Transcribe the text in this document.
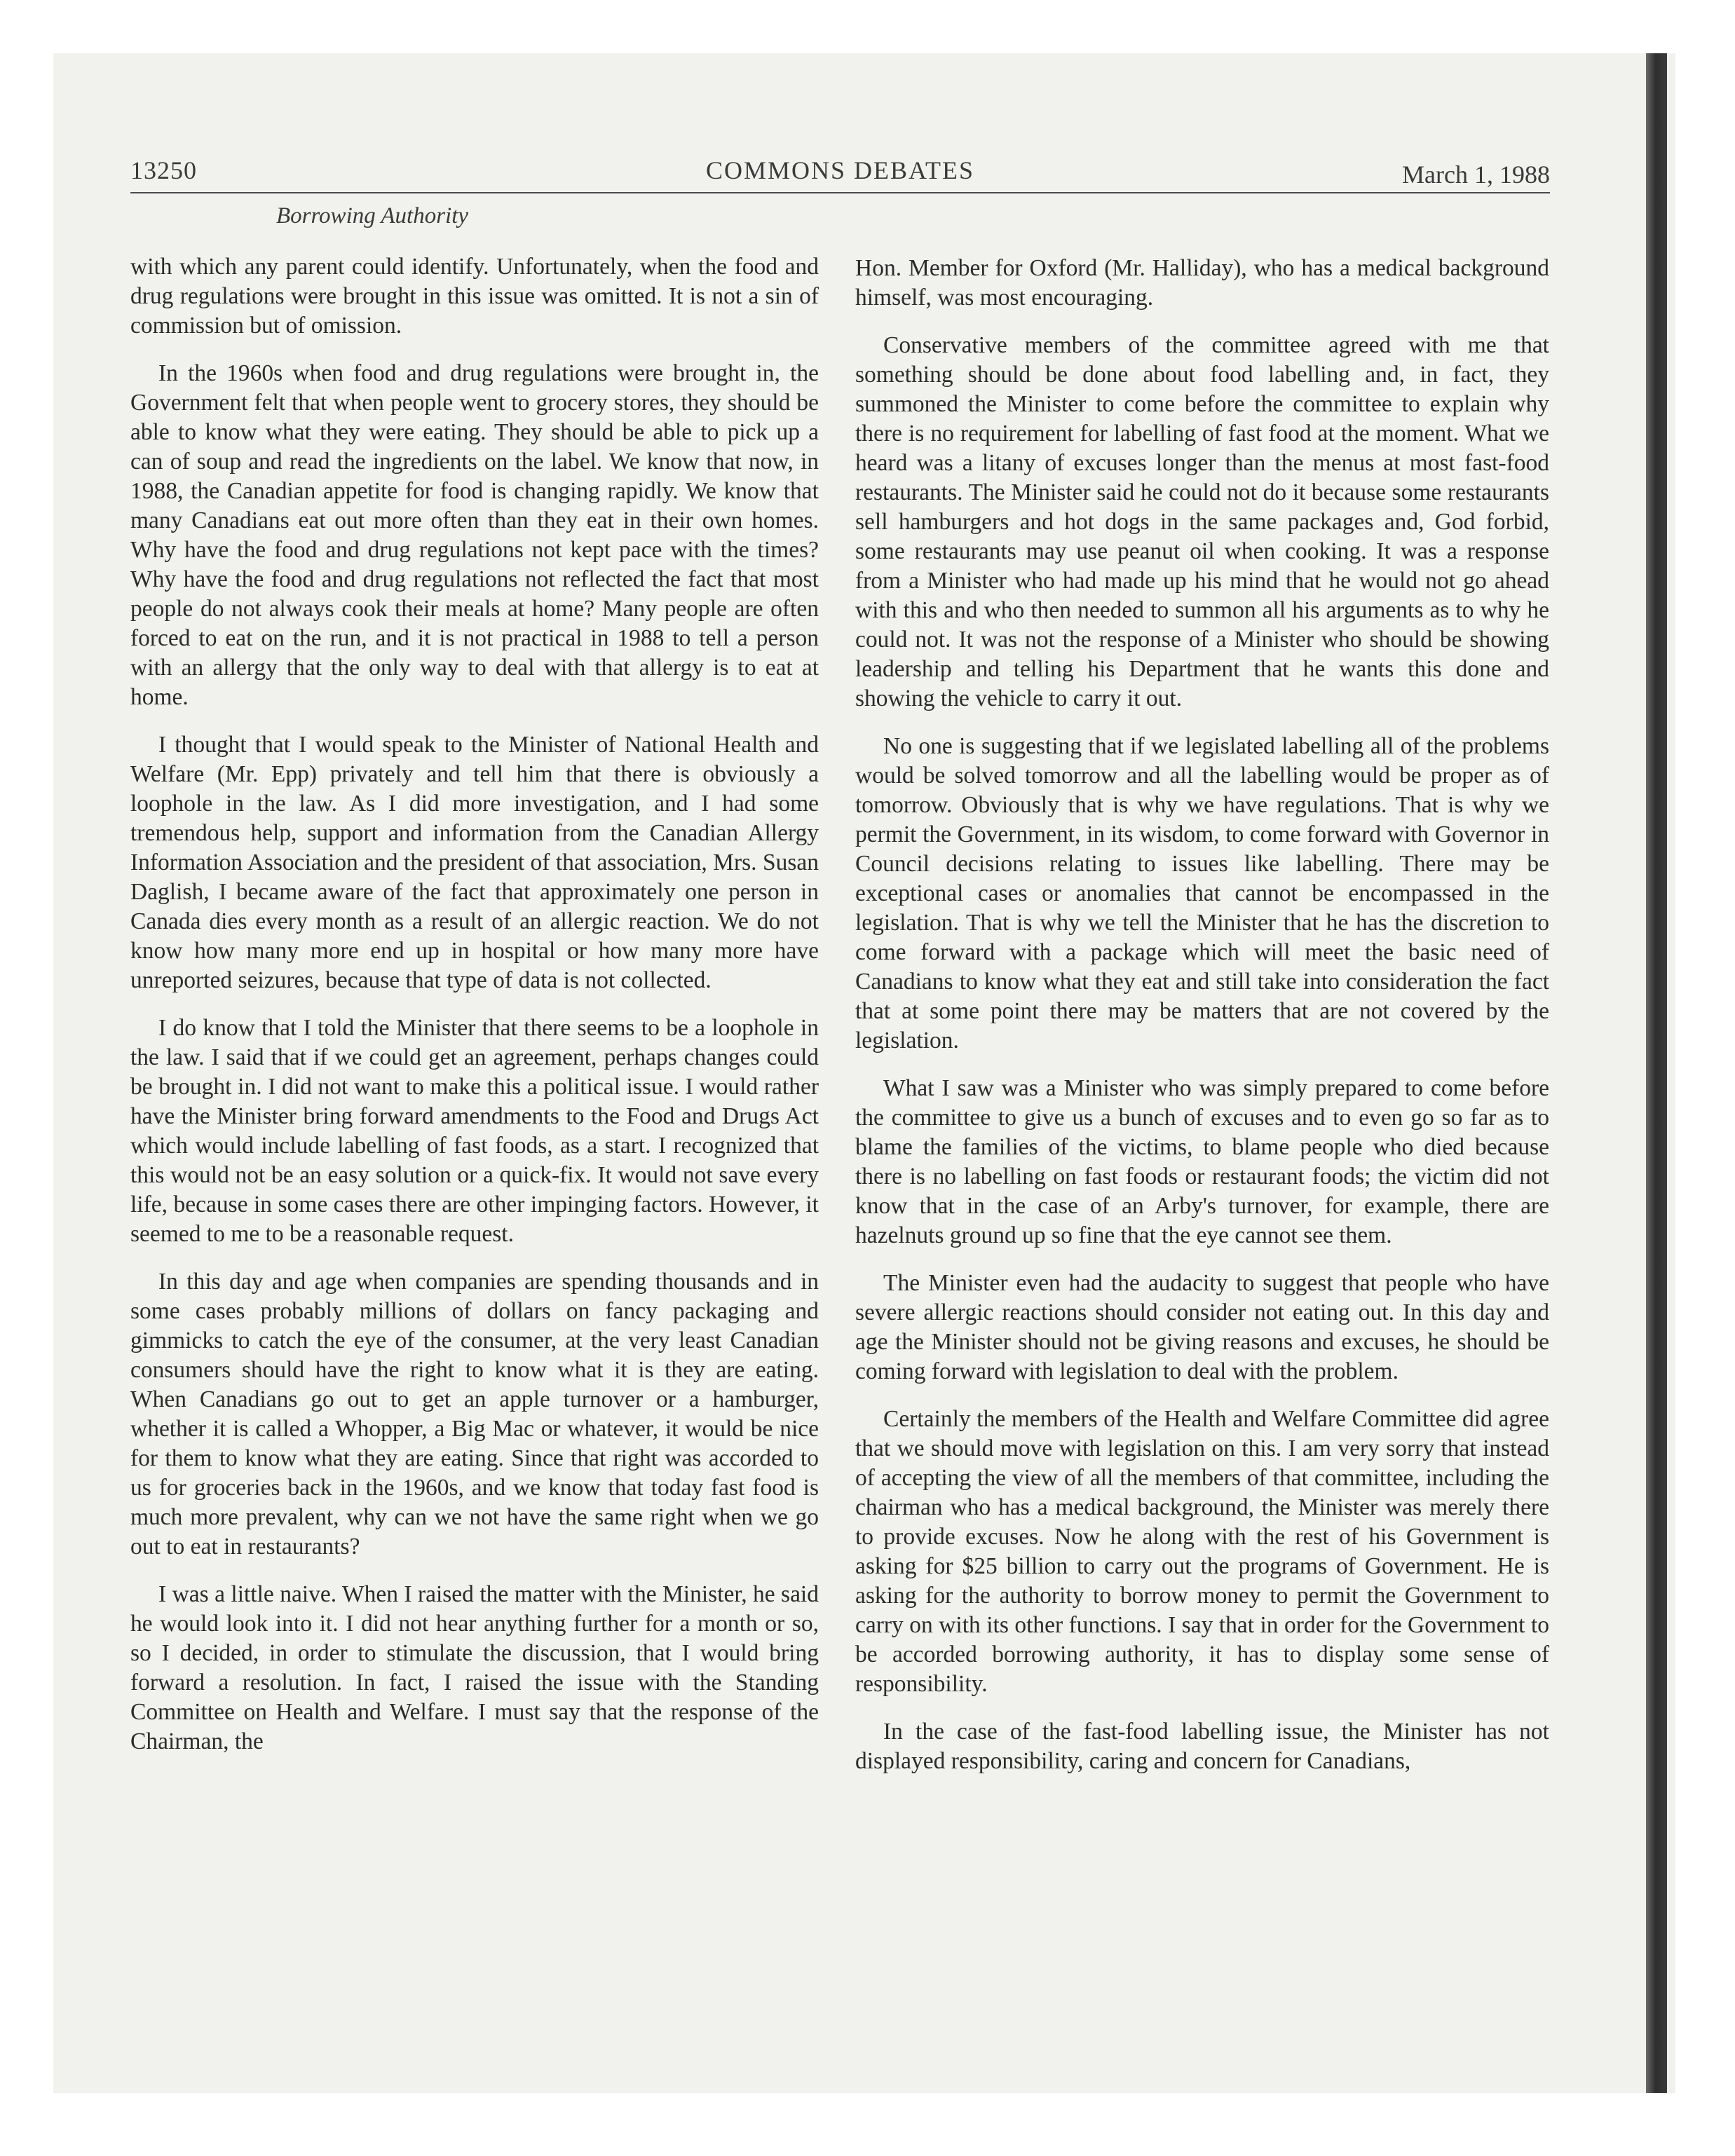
13250	COMMONS DEBATES	March 1, 1988
Borrowing Authority

with which any parent could identify. Unfortunately, when the food and drug regulations were brought in this issue was omitted. It is not a sin of commission but of omission.

In the 1960s when food and drug regulations were brought in, the Government felt that when people went to grocery stores, they should be able to know what they were eating. They should be able to pick up a can of soup and read the ingredients on the label. We know that now, in 1988, the Canadian appetite for food is changing rapidly. We know that many Canadians eat out more often than they eat in their own homes. Why have the food and drug regulations not kept pace with the times? Why have the food and drug regulations not reflected the fact that most people do not always cook their meals at home? Many people are often forced to eat on the run, and it is not practical in 1988 to tell a person with an allergy that the only way to deal with that allergy is to eat at home.

I thought that I would speak to the Minister of National Health and Welfare (Mr. Epp) privately and tell him that there is obviously a loophole in the law. As I did more investigation, and I had some tremendous help, support and information from the Canadian Allergy Information Association and the president of that association, Mrs. Susan Daglish, I became aware of the fact that approximately one person in Canada dies every month as a result of an allergic reaction. We do not know how many more end up in hospital or how many more have unreported seizures, because that type of data is not collected.

I do know that I told the Minister that there seems to be a loophole in the law. I said that if we could get an agreement, perhaps changes could be brought in. I did not want to make this a political issue. I would rather have the Minister bring forward amendments to the Food and Drugs Act which would include labelling of fast foods, as a start. I recognized that this would not be an easy solution or a quick-fix. It would not save every life, because in some cases there are other impinging factors. However, it seemed to me to be a reasonable request.

In this day and age when companies are spending thousands and in some cases probably millions of dollars on fancy packaging and gimmicks to catch the eye of the consumer, at the very least Canadian consumers should have the right to know what it is they are eating. When Canadians go out to get an apple turnover or a hamburger, whether it is called a Whopper, a Big Mac or whatever, it would be nice for them to know what they are eating. Since that right was accorded to us for groceries back in the 1960s, and we know that today fast food is much more prevalent, why can we not have the same right when we go out to eat in restaurants?

I was a little naive. When I raised the matter with the Minister, he said he would look into it. I did not hear anything further for a month or so, so I decided, in order to stimulate the discussion, that I would bring forward a resolution. In fact, I raised the issue with the Standing Committee on Health and Welfare. I must say that the response of the Chairman, the

Hon. Member for Oxford (Mr. Halliday), who has a medical background himself, was most encouraging.

Conservative members of the committee agreed with me that something should be done about food labelling and, in fact, they summoned the Minister to come before the committee to explain why there is no requirement for labelling of fast food at the moment. What we heard was a litany of excuses longer than the menus at most fast-food restaurants. The Minister said he could not do it because some restaurants sell hamburgers and hot dogs in the same packages and, God forbid, some restaurants may use peanut oil when cooking. It was a response from a Minister who had made up his mind that he would not go ahead with this and who then needed to summon all his arguments as to why he could not. It was not the response of a Minister who should be showing leadership and telling his Department that he wants this done and showing the vehicle to carry it out.

No one is suggesting that if we legislated labelling all of the problems would be solved tomorrow and all the labelling would be proper as of tomorrow. Obviously that is why we have regulations. That is why we permit the Government, in its wisdom, to come forward with Governor in Council decisions relating to issues like labelling. There may be exceptional cases or anomalies that cannot be encompassed in the legislation. That is why we tell the Minister that he has the discretion to come forward with a package which will meet the basic need of Canadians to know what they eat and still take into consideration the fact that at some point there may be matters that are not covered by the legislation.

What I saw was a Minister who was simply prepared to come before the committee to give us a bunch of excuses and to even go so far as to blame the families of the victims, to blame people who died because there is no labelling on fast foods or restaurant foods; the victim did not know that in the case of an Arby's turnover, for example, there are hazelnuts ground up so fine that the eye cannot see them.

The Minister even had the audacity to suggest that people who have severe allergic reactions should consider not eating out. In this day and age the Minister should not be giving reasons and excuses, he should be coming forward with legislation to deal with the problem.

Certainly the members of the Health and Welfare Committee did agree that we should move with legislation on this. I am very sorry that instead of accepting the view of all the members of that committee, including the chairman who has a medical background, the Minister was merely there to provide excuses. Now he along with the rest of his Government is asking for $25 billion to carry out the programs of Government. He is asking for the authority to borrow money to permit the Government to carry on with its other functions. I say that in order for the Government to be accorded borrowing authority, it has to display some sense of responsibility.

In the case of the fast-food labelling issue, the Minister has not displayed responsibility, caring and concern for Canadians,
